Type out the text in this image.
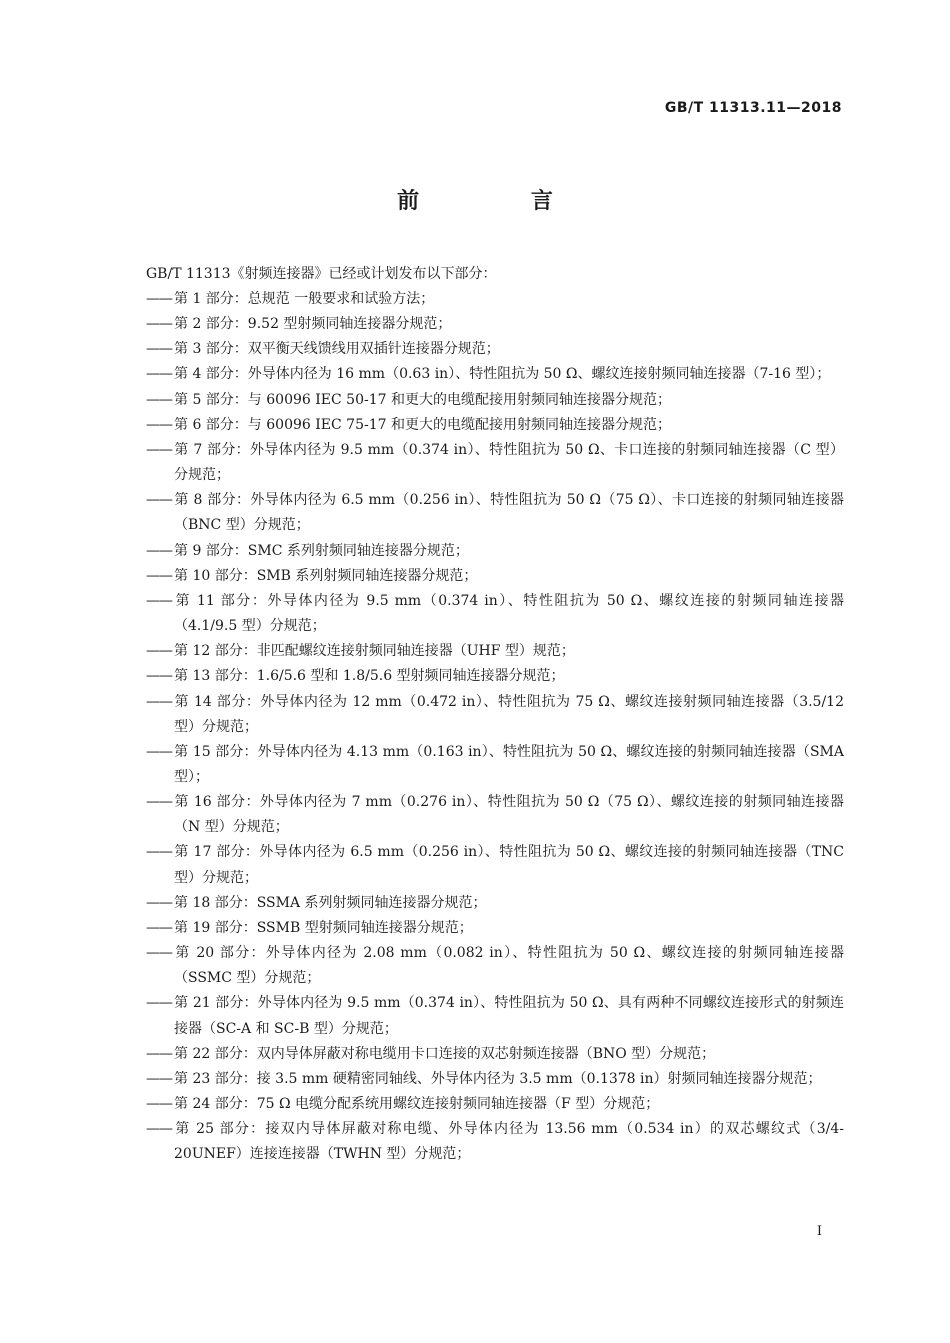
GB/T 11313.11—2018
前 言
GB/T 11313《射频连接器》已经或计划发布以下部分：
—— 第 1 部分：总规范 一般要求和试验方法；
—— 第 2 部分：9.52 型射频同轴连接器分规范；
—— 第 3 部分：双平衡天线馈线用双插针连接器分规范；
—— 第 4 部分：外导体内径为 16 mm（0.63 in）、特性阻抗为 50 Ω、螺纹连接射频同轴连接器（7-16 型）；
—— 第 5 部分：与 60096 IEC 50-17 和更大的电缆配接用射频同轴连接器分规范；
—— 第 6 部分：与 60096 IEC 75-17 和更大的电缆配接用射频同轴连接器分规范；
—— 第 7 部分：外导体内径为 9.5 mm（0.374 in）、特性阻抗为 50 Ω、卡口连接的射频同轴连接器（C 型）分规范；
—— 第 8 部分：外导体内径为 6.5 mm（0.256 in）、特性阻抗为 50 Ω（75 Ω）、卡口连接的射频同轴连接器（BNC 型）分规范；
—— 第 9 部分：SMC 系列射频同轴连接器分规范；
—— 第 10 部分：SMB 系列射频同轴连接器分规范；
—— 第 11 部分：外导体内径为 9.5 mm（0.374 in）、特性阻抗为 50 Ω、螺纹连接的射频同轴连接器（4.1/9.5 型）分规范；
—— 第 12 部分：非匹配螺纹连接射频同轴连接器（UHF 型）规范；
—— 第 13 部分：1.6/5.6 型和 1.8/5.6 型射频同轴连接器分规范；
—— 第 14 部分：外导体内径为 12 mm（0.472 in）、特性阻抗为 75 Ω、螺纹连接射频同轴连接器（3.5/12 型）分规范；
—— 第 15 部分：外导体内径为 4.13 mm（0.163 in）、特性阻抗为 50 Ω、螺纹连接的射频同轴连接器（SMA 型）；
—— 第 16 部分：外导体内径为 7 mm（0.276 in）、特性阻抗为 50 Ω（75 Ω）、螺纹连接的射频同轴连接器（N 型）分规范；
—— 第 17 部分：外导体内径为 6.5 mm（0.256 in）、特性阻抗为 50 Ω、螺纹连接的射频同轴连接器（TNC 型）分规范；
—— 第 18 部分：SSMA 系列射频同轴连接器分规范；
—— 第 19 部分：SSMB 型射频同轴连接器分规范；
—— 第 20 部分：外导体内径为 2.08 mm（0.082 in）、特性阻抗为 50 Ω、螺纹连接的射频同轴连接器（SSMC 型）分规范；
—— 第 21 部分：外导体内径为 9.5 mm（0.374 in）、特性阻抗为 50 Ω、具有两种不同螺纹连接形式的射频连接器（SC-A 和 SC-B 型）分规范；
—— 第 22 部分：双内导体屏蔽对称电缆用卡口连接的双芯射频连接器（BNO 型）分规范；
—— 第 23 部分：接 3.5 mm 硬精密同轴线、外导体内径为 3.5 mm（0.1378 in）射频同轴连接器分规范；
—— 第 24 部分：75 Ω 电缆分配系统用螺纹连接射频同轴连接器（F 型）分规范；
—— 第 25 部分：接双内导体屏蔽对称电缆、外导体内径为 13.56 mm（0.534 in）的双芯螺纹式（3/4-20UNEF）连接连接器（TWHN 型）分规范；
I
